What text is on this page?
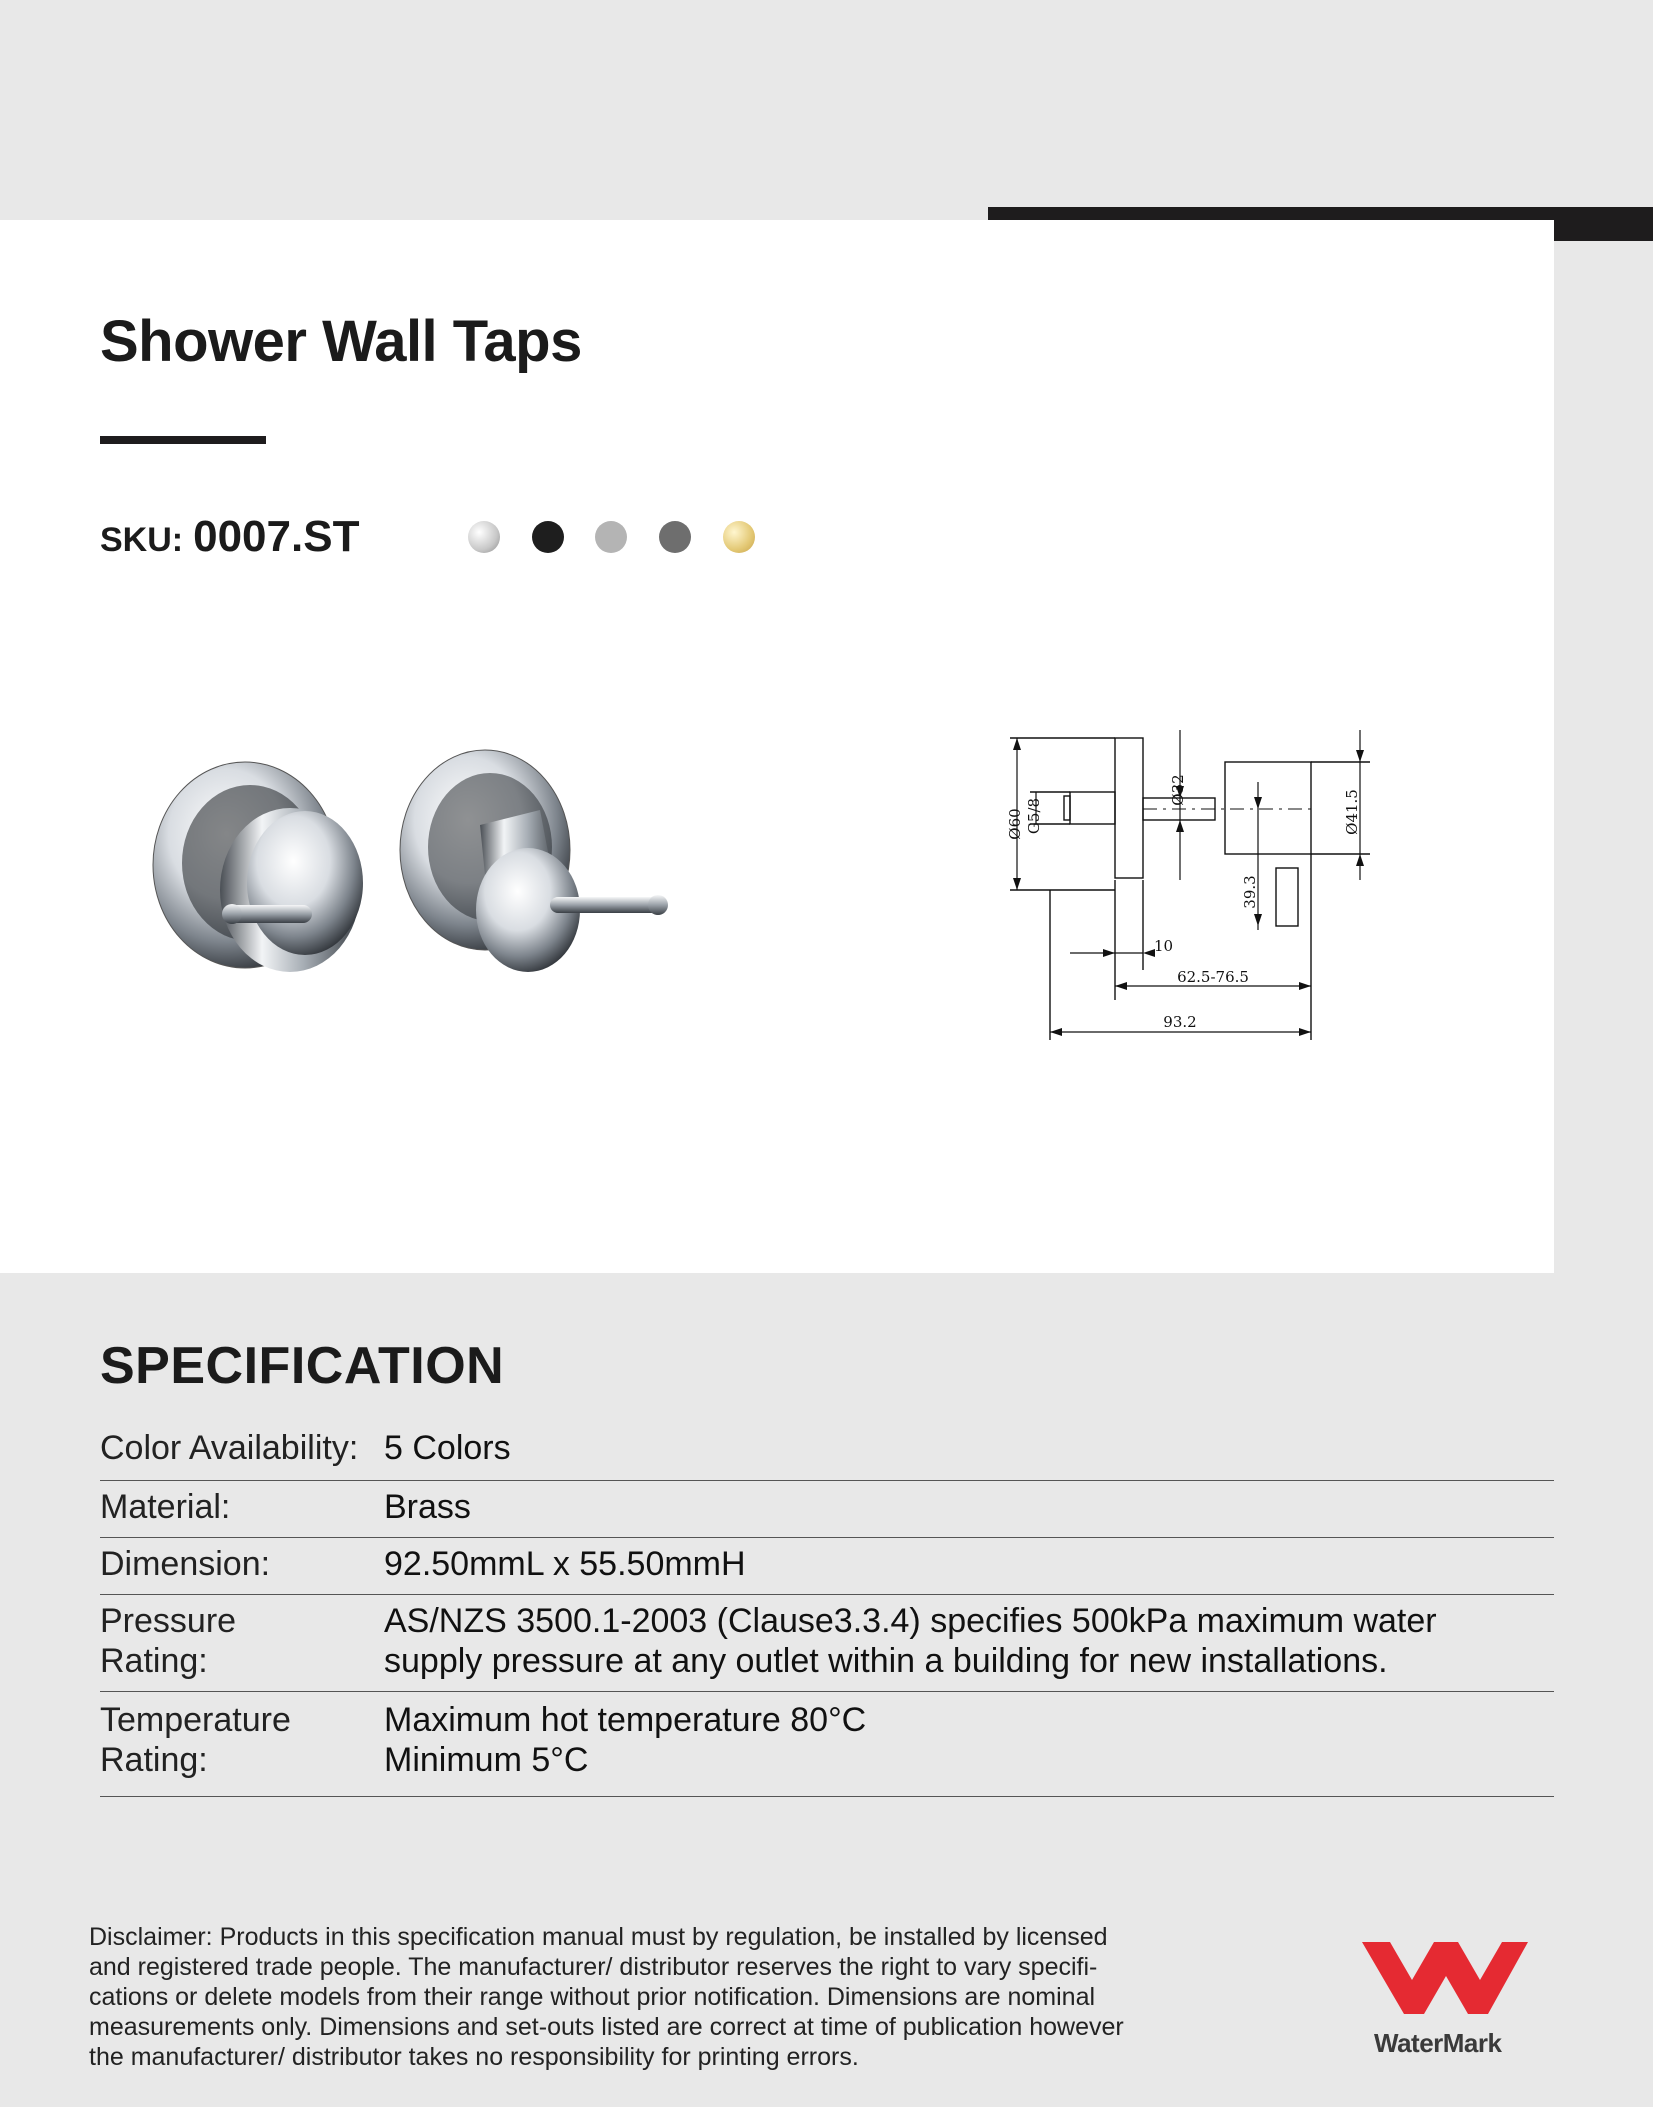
Shower Wall Taps
SKU: 0007.ST
Ø60 G5/8
Ø32	Ø41.5
39.3
10
62.5-76.5
93.2
SPECIFICATION
Color Availability: 5 Colors
Material:	Brass
Dimension:	92.50mmL x 55.50mmH
Pressure
Rating:
AS/NZS 3500.1-2003 (Clause3.3.4) specifies 500kPa maximum water
supply pressure at any outlet within a building for new installations.
Temperature
Rating:
Maximum hot temperature 80°C
Minimum 5°C

Disclaimer: Products in this specification manual must by regulation, be installed by licensed
and registered trade people. The manufacturer/ distributor reserves the right to vary specifi-
cations or delete models from their range without prior notification. Dimensions are nominal
measurements only. Dimensions and set-outs listed are correct at time of publication however
the manufacturer/ distributor takes no responsibility for printing errors.	WaterMark
